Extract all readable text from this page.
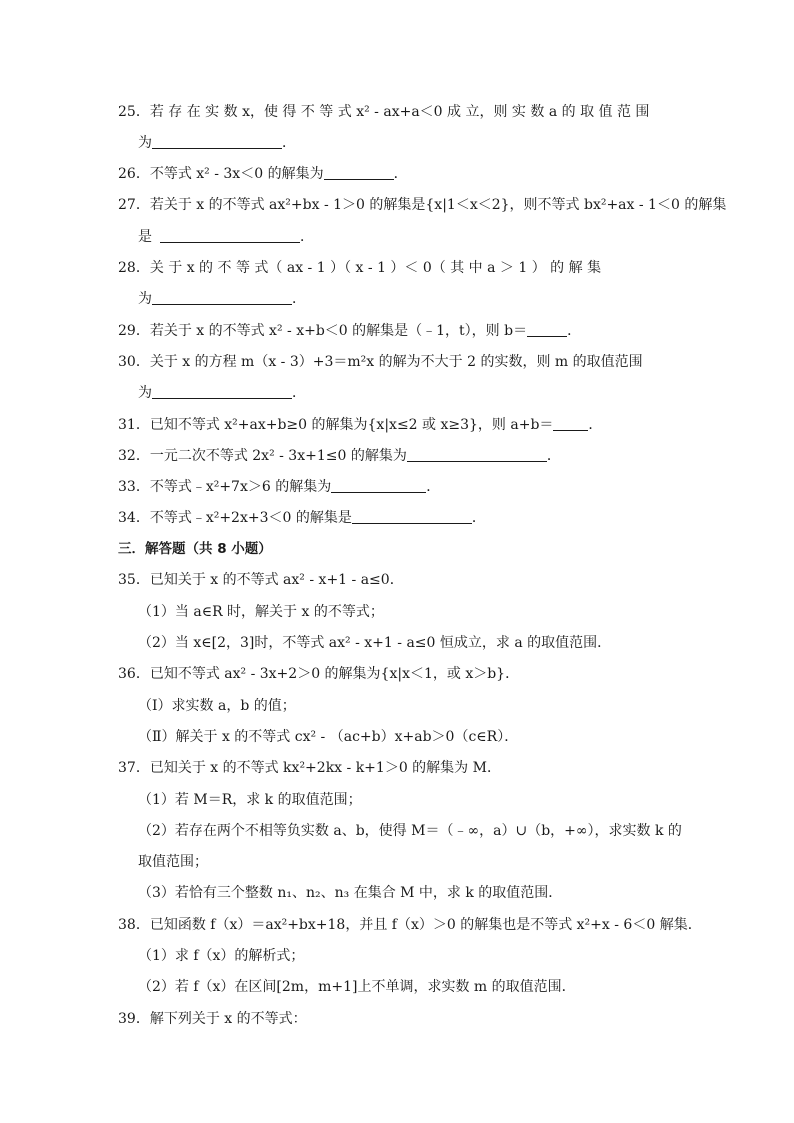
25．若 存 在 实 数 x，使 得 不 等 式 x² - ax+a＜0 成 立，则 实 数 a 的 取 值 范 围
为	．
26．不等式 x² - 3x＜0 的解集为	．
27．若关于 x 的不等式 ax²+bx - 1＞0 的解集是{x|1＜x＜2}，则不等式 bx²+ax - 1＜0 的解集
是	．
28．关 于 x 的 不 等 式（ ax - 1 ）（ x - 1 ）＜ 0（ 其 中 a ＞ 1 ） 的 解 集
为	．
29．若关于 x 的不等式 x² - x+b＜0 的解集是（﹣1，t），则 b＝	．
30．关于 x 的方程 m（x - 3）+3＝m²x 的解为不大于 2 的实数，则 m 的取值范围
为	．
31．已知不等式 x²+ax+b≥0 的解集为{x|x≤2 或 x≥3}，则 a+b＝	．
32．一元二次不等式 2x² - 3x+1≤0 的解集为	．
33．不等式﹣x²+7x＞6 的解集为	．
34．不等式﹣x²+2x+3＜0 的解集是	．
三．解答题（共 8 小题）
35．已知关于 x 的不等式 ax² - x+1 - a≤0．
（1）当 a∈R 时，解关于 x 的不等式；
（2）当 x∈[2，3]时，不等式 ax² - x+1 - a≤0 恒成立，求 a 的取值范围．
36．已知不等式 ax² - 3x+2＞0 的解集为{x|x＜1，或 x＞b}．
（Ⅰ）求实数 a，b 的值；
（Ⅱ）解关于 x 的不等式 cx² - （ac+b）x+ab＞0（c∈R）．
37．已知关于 x 的不等式 kx²+2kx - k+1＞0 的解集为 M．
（1）若 M＝R，求 k 的取值范围；
（2）若存在两个不相等负实数 a、b，使得 M＝（﹣∞，a）∪（b，+∞），求实数 k 的
取值范围；
（3）若恰有三个整数 n₁、n₂、n₃ 在集合 M 中，求 k 的取值范围．
38．已知函数 f（x）＝ax²+bx+18，并且 f（x）＞0 的解集也是不等式 x²+x - 6＜0 解集．
（1）求 f（x）的解析式；
（2）若 f（x）在区间[2m，m+1]上不单调，求实数 m 的取值范围．
39．解下列关于 x 的不等式：
